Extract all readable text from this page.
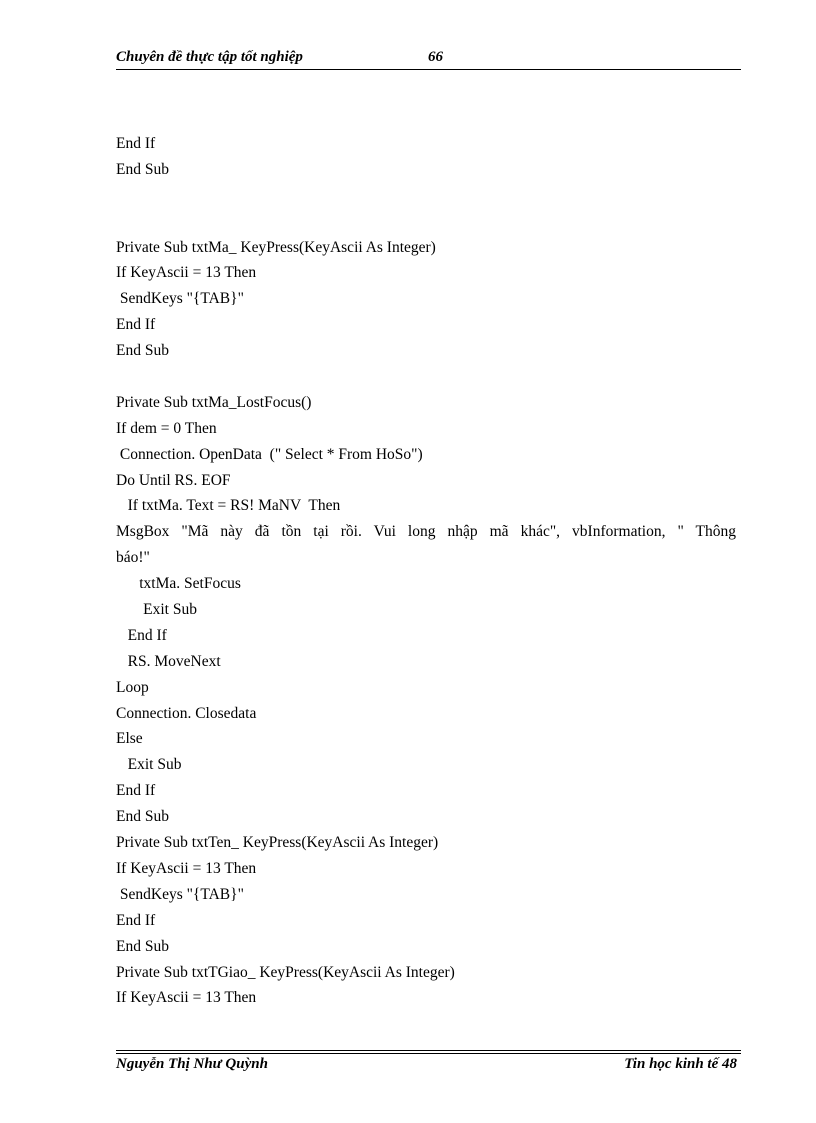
Chuyên đề thực tập tốt nghiệp	66
End If
End Sub
Private Sub txtMa_ KeyPress(KeyAscii As Integer)
If KeyAscii = 13 Then
SendKeys "{TAB}"
End If
End Sub
Private Sub txtMa_LostFocus()
If dem = 0 Then
Connection. OpenData  (" Select * From HoSo")
Do Until RS. EOF
If txtMa. Text = RS! MaNV  Then
MsgBox "Mã này đã tồn tại rồi. Vui long nhập mã khác", vbInformation, " Thông
báo!"
txtMa. SetFocus
Exit Sub
End If
RS. MoveNext
Loop
Connection. Closedata
Else
Exit Sub
End If
End Sub
Private Sub txtTen_ KeyPress(KeyAscii As Integer)
If KeyAscii = 13 Then
SendKeys "{TAB}"
End If
End Sub
Private Sub txtTGiao_ KeyPress(KeyAscii As Integer)
If KeyAscii = 13 Then
Nguyễn Thị Như Quỳnh	Tin học kinh tế 48
